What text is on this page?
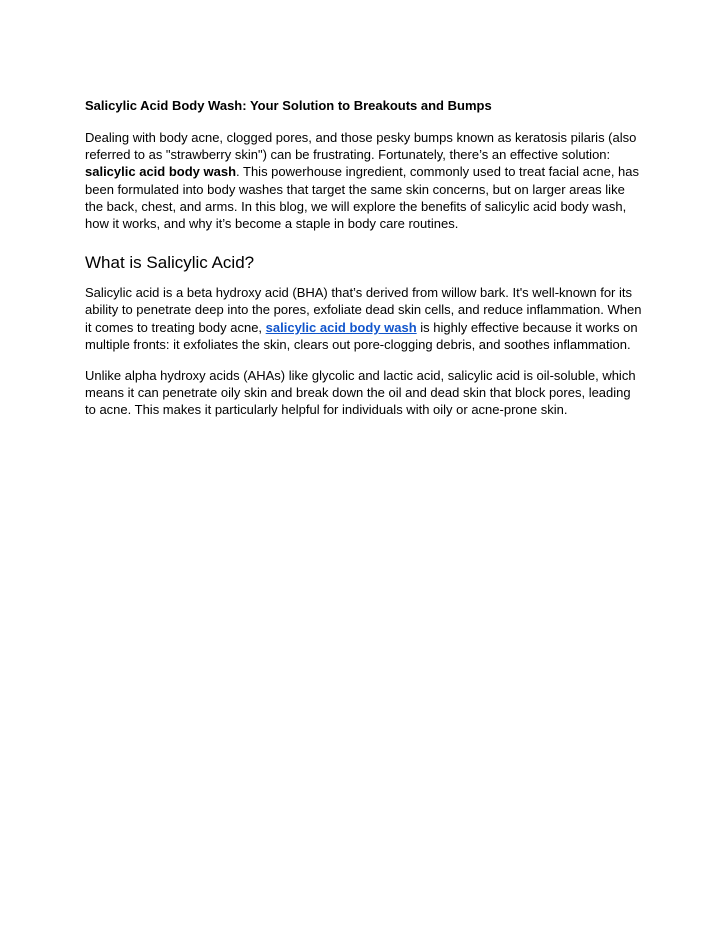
Salicylic Acid Body Wash: Your Solution to Breakouts and Bumps

Dealing with body acne, clogged pores, and those pesky bumps known as keratosis pilaris (also referred to as "strawberry skin") can be frustrating. Fortunately, there’s an effective solution: salicylic acid body wash. This powerhouse ingredient, commonly used to treat facial acne, has been formulated into body washes that target the same skin concerns, but on larger areas like the back, chest, and arms. In this blog, we will explore the benefits of salicylic acid body wash, how it works, and why it’s become a staple in body care routines.

What is Salicylic Acid?

Salicylic acid is a beta hydroxy acid (BHA) that’s derived from willow bark. It's well-known for its ability to penetrate deep into the pores, exfoliate dead skin cells, and reduce inflammation. When it comes to treating body acne, salicylic acid body wash is highly effective because it works on multiple fronts: it exfoliates the skin, clears out pore-clogging debris, and soothes inflammation.

Unlike alpha hydroxy acids (AHAs) like glycolic and lactic acid, salicylic acid is oil-soluble, which means it can penetrate oily skin and break down the oil and dead skin that block pores, leading to acne. This makes it particularly helpful for individuals with oily or acne-prone skin.
